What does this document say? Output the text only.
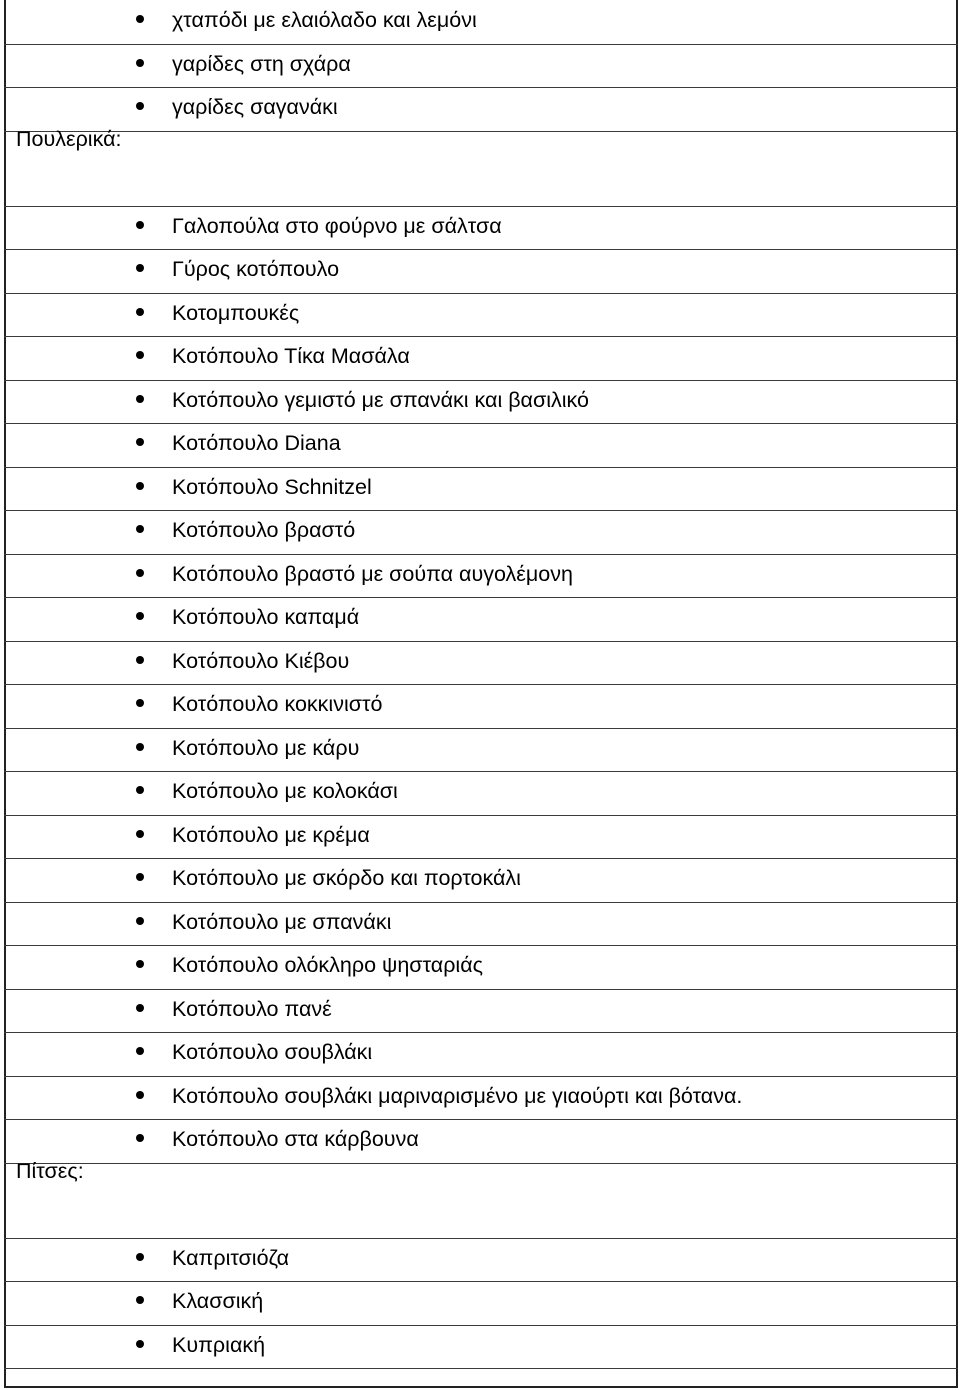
χταπόδι με ελαιόλαδο και λεμόνι
γαρίδες στη σχάρα
γαρίδες σαγανάκι
Πουλερικά:
Γαλοπούλα στο φούρνο με σάλτσα
Γύρος κοτόπουλο
Κοτομπουκές
Κοτόπουλο Τίκα Μασάλα
Κοτόπουλο γεμιστό με σπανάκι και βασιλικό
Κοτόπουλο Diana
Κοτόπουλο Schnitzel
Κοτόπουλο βραστό
Κοτόπουλο βραστό με σούπα αυγολέμονη
Κοτόπουλο καπαμά
Κοτόπουλο Κιέβου
Κοτόπουλο κοκκινιστό
Κοτόπουλο με κάρυ
Κοτόπουλο με κολοκάσι
Κοτόπουλο με κρέμα
Κοτόπουλο με σκόρδο και πορτοκάλι
Κοτόπουλο με σπανάκι
Κοτόπουλο ολόκληρο ψησταριάς
Κοτόπουλο πανέ
Κοτόπουλο σουβλάκι
Κοτόπουλο σουβλάκι μαριναρισμένο με γιαούρτι και βότανα.
Κοτόπουλο στα κάρβουνα
Πίτσες:
Καπριτσιόζα
Κλασσική
Κυπριακή
